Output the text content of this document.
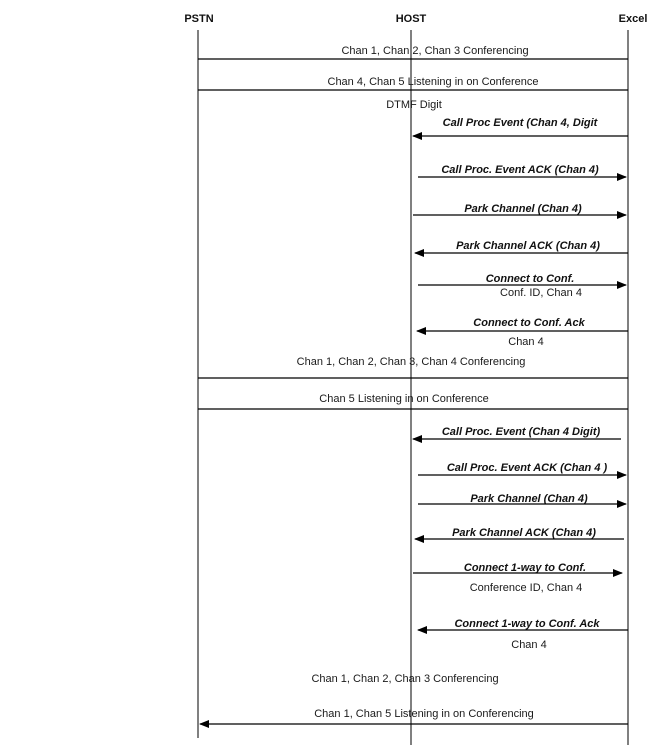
PSTN	HOST	Excel
Chan 1, Chan 2, Chan 3 Conferencing
Chan 4, Chan 5 Listening in on Conference
DTMF Digit
Call Proc Event (Chan 4, Digit
Call Proc. Event ACK (Chan 4)
Park Channel (Chan 4)
Park Channel ACK (Chan 4)
Connect to Conf.
Conf. ID, Chan 4
Connect to Conf. Ack
Chan 4
Chan 1, Chan 2, Chan 3, Chan 4 Conferencing
Chan 5 Listening in on Conference
Call Proc. Event (Chan 4 Digit)
Call Proc. Event ACK (Chan 4 )
Park Channel (Chan 4)
Park Channel ACK (Chan 4)
Connect 1-way to Conf.
Conference ID, Chan 4
Connect 1-way to Conf. Ack
Chan 4
Chan 1, Chan 2, Chan 3 Conferencing
Chan 1, Chan 5 Listening in on Conferencing
